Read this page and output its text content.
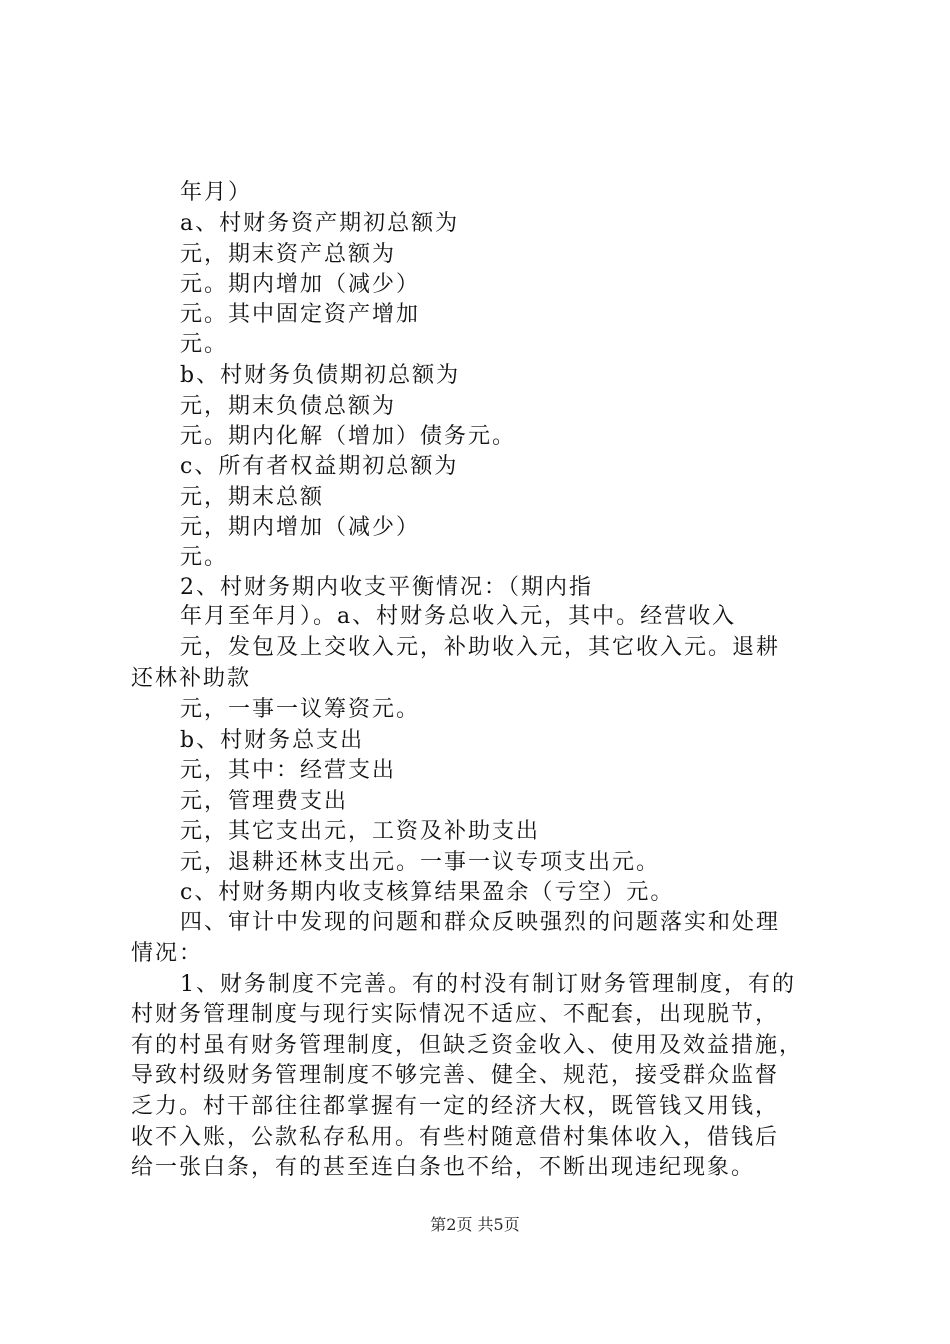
年月）
a、村财务资产期初总额为
元，期末资产总额为
元。期内增加（减少）
元。其中固定资产增加
元。
b、村财务负债期初总额为
元，期末负债总额为
元。期内化解（增加）债务元。
c、所有者权益期初总额为
元，期末总额
元，期内增加（减少）
元。
2、村财务期内收支平衡情况：（期内指
年月至年月）。a、村财务总收入元，其中。经营收入
元，发包及上交收入元，补助收入元，其它收入元。退耕
还林补助款
元，一事一议筹资元。
b、村财务总支出
元，其中：经营支出
元，管理费支出
元，其它支出元，工资及补助支出
元，退耕还林支出元。一事一议专项支出元。
c、村财务期内收支核算结果盈余（亏空）元。
四、审计中发现的问题和群众反映强烈的问题落实和处理
情况：
1、财务制度不完善。有的村没有制订财务管理制度，有的
村财务管理制度与现行实际情况不适应、不配套，出现脱节，
有的村虽有财务管理制度，但缺乏资金收入、使用及效益措施，
导致村级财务管理制度不够完善、健全、规范，接受群众监督
乏力。村干部往往都掌握有一定的经济大权，既管钱又用钱，
收不入账，公款私存私用。有些村随意借村集体收入，借钱后
给一张白条，有的甚至连白条也不给，不断出现违纪现象。
第2页 共5页
